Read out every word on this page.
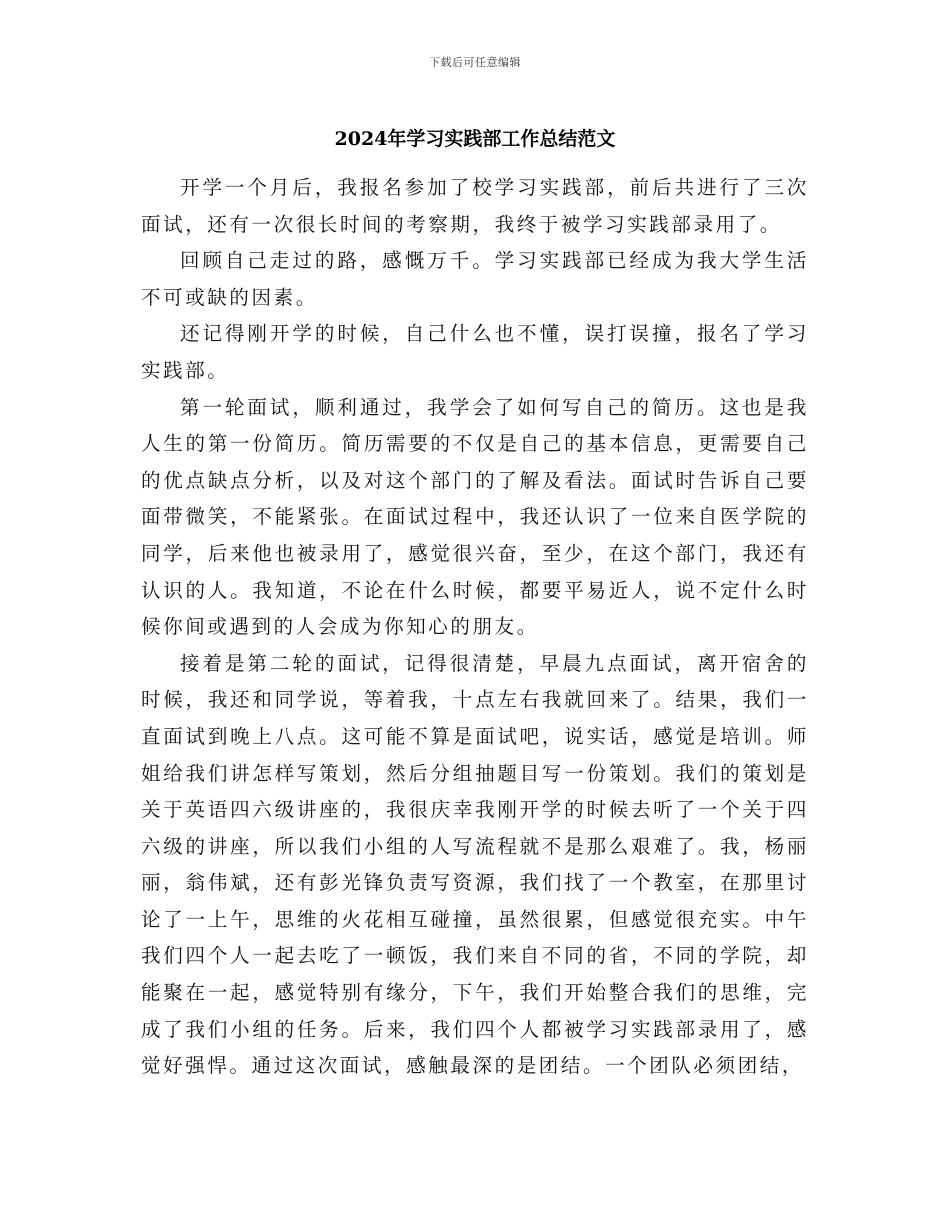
下载后可任意编辑
2024年学习实践部工作总结范文

开学一个月后，我报名参加了校学习实践部，前后共进行了三次面试，还有一次很长时间的考察期，我终于被学习实践部录用了。

回顾自己走过的路，感慨万千。学习实践部已经成为我大学生活不可或缺的因素。

还记得刚开学的时候，自己什么也不懂，误打误撞，报名了学习实践部。

第一轮面试，顺利通过，我学会了如何写自己的简历。这也是我人生的第一份简历。简历需要的不仅是自己的基本信息，更需要自己的优点缺点分析，以及对这个部门的了解及看法。面试时告诉自己要面带微笑，不能紧张。在面试过程中，我还认识了一位来自医学院的同学，后来他也被录用了，感觉很兴奋，至少，在这个部门，我还有认识的人。我知道，不论在什么时候，都要平易近人，说不定什么时候你间或遇到的人会成为你知心的朋友。

接着是第二轮的面试，记得很清楚，早晨九点面试，离开宿舍的时候，我还和同学说，等着我，十点左右我就回来了。结果，我们一直面试到晚上八点。这可能不算是面试吧，说实话，感觉是培训。师姐给我们讲怎样写策划，然后分组抽题目写一份策划。我们的策划是关于英语四六级讲座的，我很庆幸我刚开学的时候去听了一个关于四六级的讲座，所以我们小组的人写流程就不是那么艰难了。我，杨丽丽，翁伟斌，还有彭光锋负责写资源，我们找了一个教室，在那里讨论了一上午，思维的火花相互碰撞，虽然很累，但感觉很充实。中午我们四个人一起去吃了一顿饭，我们来自不同的省，不同的学院，却能聚在一起，感觉特别有缘分，下午，我们开始整合我们的思维，完成了我们小组的任务。后来，我们四个人都被学习实践部录用了，感觉好强悍。通过这次面试，感触最深的是团结。一个团队必须团结，
